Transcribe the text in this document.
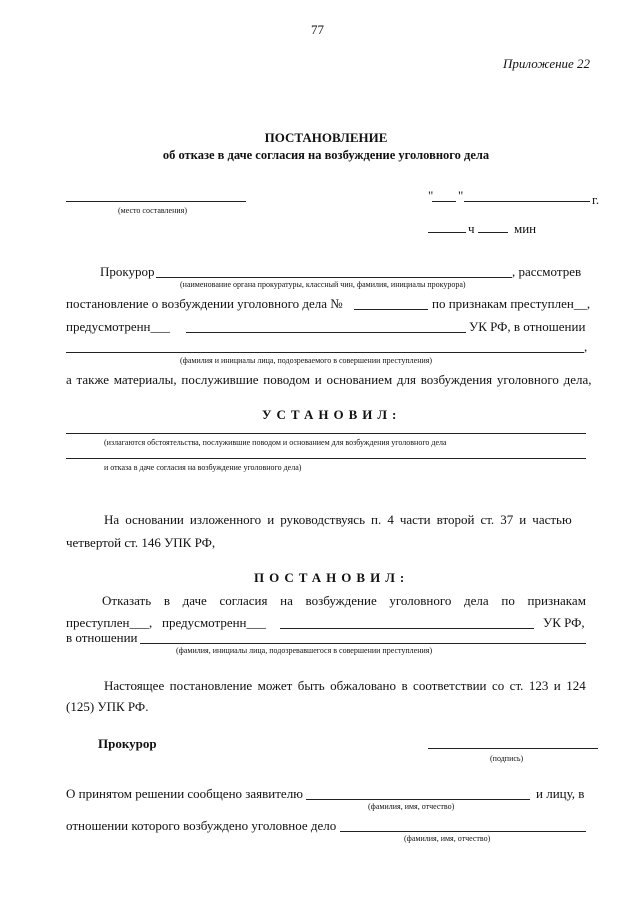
77
Приложение 22
ПОСТАНОВЛЕНИЕ
об отказе в даче согласия на возбуждение уголовного дела
(место составления)
" "	г.
ч	мин
Прокурор	, рассмотрев
(наименование органа прокуратуры, классный чин, фамилия, инициалы прокурора)
постановление о возбуждении уголовного дела №	по признакам преступлен__,
предусмотренн___	УК РФ, в отношении
,
(фамилия и инициалы лица, подозреваемого в совершении преступления)
а также материалы, послужившие поводом и основанием для возбуждения уголовного дела,
УСТАНОВИЛ:
(излагаются обстоятельства, послужившие поводом и основанием для возбуждения уголовного дела
и отказа в даче согласия на возбуждение уголовного дела)
На основании изложенного и руководствуясь п. 4 части второй ст. 37 и частью
четвертой ст. 146 УПК РФ,
ПОСТАНОВИЛ:
Отказать в даче согласия на возбуждение уголовного дела по признакам
преступлен___, предусмотренн___	УК РФ,
в отношении
(фамилия, инициалы лица, подозревавшегося в совершении преступления)
Настоящее постановление может быть обжаловано в соответствии со ст. 123 и 124
(125) УПК РФ.
Прокурор
(подпись)
О принятом решении сообщено заявителю	и лицу, в
(фамилия, имя, отчество)
отношении которого возбуждено уголовное дело
(фамилия, имя, отчество)
